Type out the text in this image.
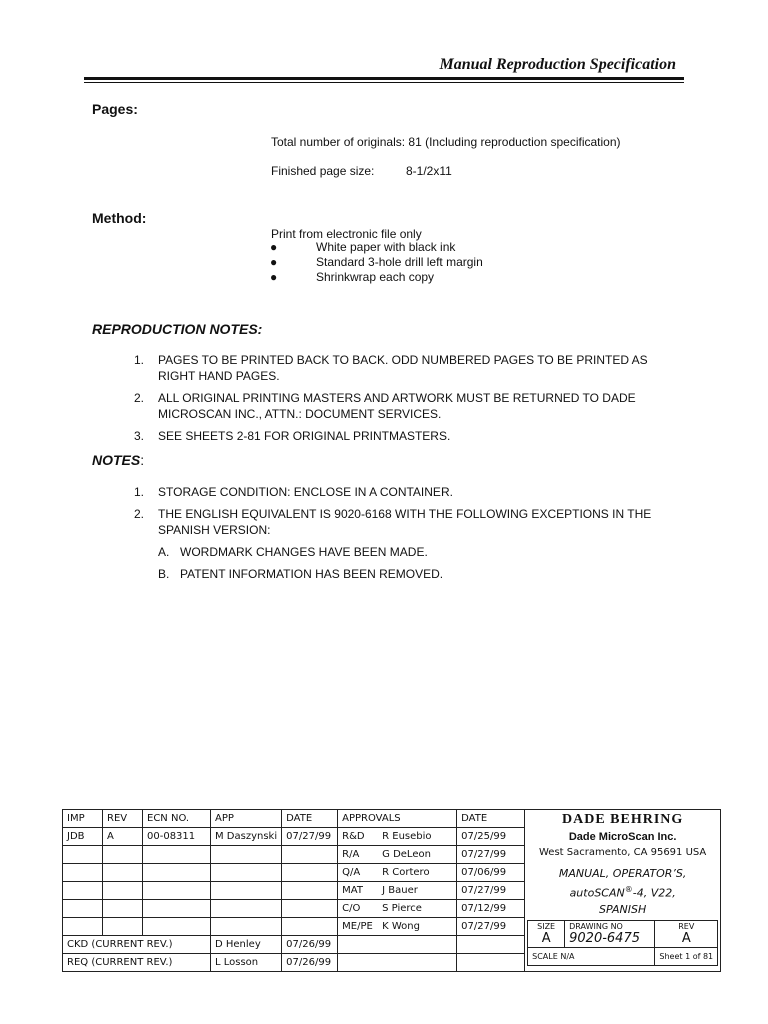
Manual Reproduction Specification
Pages:
Total number of originals: 81 (Including reproduction specification)
Finished page size:	8-1/2x11
Method:
Print from electronic file only
●	White paper with black ink
●	Standard 3-hole drill left margin
●	Shrinkwrap each copy
REPRODUCTION NOTES:
1.	PAGES TO BE PRINTED BACK TO BACK. ODD NUMBERED PAGES TO BE PRINTED AS RIGHT HAND PAGES.
2.	ALL ORIGINAL PRINTING MASTERS AND ARTWORK MUST BE RETURNED TO DADE MICROSCAN INC., ATTN.: DOCUMENT SERVICES.
3.	SEE SHEETS 2-81 FOR ORIGINAL PRINTMASTERS.
NOTES:
1.	STORAGE CONDITION: ENCLOSE IN A CONTAINER.
2.	THE ENGLISH EQUIVALENT IS 9020-6168 WITH THE FOLLOWING EXCEPTIONS IN THE SPANISH VERSION:
A. WORDMARK CHANGES HAVE BEEN MADE.
B. PATENT INFORMATION HAS BEEN REMOVED.
IMP	REV	ECN NO.	APP	DATE	APPROVALS	DATE	DADE BEHRING
Dade MicroScan Inc.
West Sacramento, CA 95691 USA
MANUAL, OPERATOR’S,
autoSCAN®-4, V22,
SPANISH
SIZE
A

DRAWING NO
9020-6475

REV
A

SCALE N/A	Sheet 1 of 81

JDB	A	00-08311	M Daszynski	07/27/99	R&D R Eusebio	07/25/99
					R/A G DeLeon	07/27/99
					Q/A R Cortero	07/06/99
					MAT J Bauer	07/27/99
					C/O S Pierce	07/12/99
					ME/PE K Wong	07/27/99
CKD (CURRENT REV.)	D Henley	07/26/99		
REQ (CURRENT REV.)	L Losson	07/26/99		
